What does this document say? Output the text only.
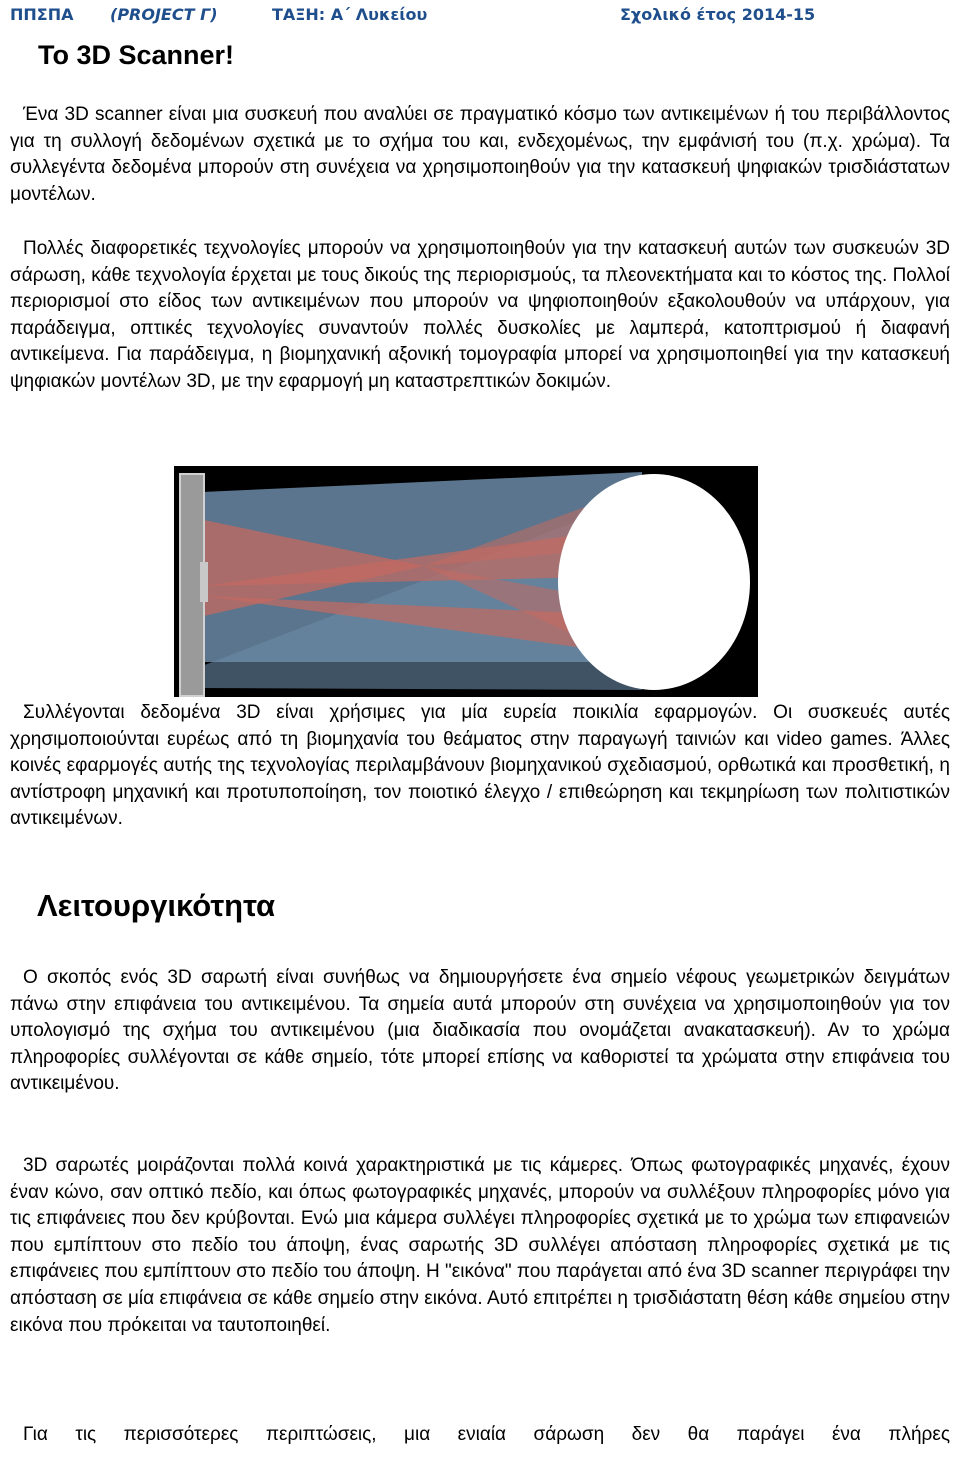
ΠΠΣΠΑ (PROJECT Γ)	ΤΑΞΗ: Α΄ Λυκείου	Σχολικό έτος 2014-15
To 3D Scanner!

Ένα 3D scanner είναι μια συσκευή που αναλύει σε πραγματικό κόσμο των αντικειμένων ή του περιβάλλοντος για τη συλλογή δεδομένων σχετικά με το σχήμα του και, ενδεχομένως, την εμφάνισή του (π.χ. χρώμα). Τα συλλεγέντα δεδομένα μπορούν στη συνέχεια να χρησιμοποιηθούν για την κατασκευή ψηφιακών τρισδιάστατων μοντέλων.

Πολλές διαφορετικές τεχνολογίες μπορούν να χρησιμοποιηθούν για την κατασκευή αυτών των συσκευών 3D σάρωση, κάθε τεχνολογία έρχεται με τους δικούς της περιορισμούς, τα πλεονεκτήματα και το κόστος της. Πολλοί περιορισμοί στο είδος των αντικειμένων που μπορούν να ψηφιοποιηθούν εξακολουθούν να υπάρχουν, για παράδειγμα, οπτικές τεχνολογίες συναντούν πολλές δυσκολίες με λαμπερά, κατοπτρισμού ή διαφανή αντικείμενα. Για παράδειγμα, η βιομηχανική αξονική τομογραφία μπορεί να χρησιμοποιηθεί για την κατασκευή ψηφιακών μοντέλων 3D, με την εφαρμογή μη καταστρεπτικών δοκιμών.

Συλλέγονται δεδομένα 3D είναι χρήσιμες για μία ευρεία ποικιλία εφαρμογών. Οι συσκευές αυτές χρησιμοποιούνται ευρέως από τη βιομηχανία του θεάματος στην παραγωγή ταινιών και video games. Άλλες κοινές εφαρμογές αυτής της τεχνολογίας περιλαμβάνουν βιομηχανικού σχεδιασμού, ορθωτικά και προσθετική, η αντίστροφη μηχανική και προτυποποίηση, τον ποιοτικό έλεγχο / επιθεώρηση και τεκμηρίωση των πολιτιστικών αντικειμένων.

Λειτουργικότητα

Ο σκοπός ενός 3D σαρωτή είναι συνήθως να δημιουργήσετε ένα σημείο νέφους γεωμετρικών δειγμάτων πάνω στην επιφάνεια του αντικειμένου. Τα σημεία αυτά μπορούν στη συνέχεια να χρησιμοποιηθούν για τον υπολογισμό της σχήμα του αντικειμένου (μια διαδικασία που ονομάζεται ανακατασκευή). Αν το χρώμα πληροφορίες συλλέγονται σε κάθε σημείο, τότε μπορεί επίσης να καθοριστεί τα χρώματα στην επιφάνεια του αντικειμένου.

3D σαρωτές μοιράζονται πολλά κοινά χαρακτηριστικά με τις κάμερες. Όπως φωτογραφικές μηχανές, έχουν έναν κώνο, σαν οπτικό πεδίο, και όπως φωτογραφικές μηχανές, μπορούν να συλλέξουν πληροφορίες μόνο για τις επιφάνειες που δεν κρύβονται. Ενώ μια κάμερα συλλέγει πληροφορίες σχετικά με το χρώμα των επιφανειών που εμπίπτουν στο πεδίο του άποψη, ένας σαρωτής 3D συλλέγει απόσταση πληροφορίες σχετικά με τις επιφάνειες που εμπίπτουν στο πεδίο του άποψη. Η "εικόνα" που παράγεται από ένα 3D scanner περιγράφει την απόσταση σε μία επιφάνεια σε κάθε σημείο στην εικόνα. Αυτό επιτρέπει η τρισδιάστατη θέση κάθε σημείου στην εικόνα που πρόκειται να ταυτοποιηθεί.

Για τις περισσότερες περιπτώσεις, μια ενιαία σάρωση δεν θα παράγει ένα πλήρες
